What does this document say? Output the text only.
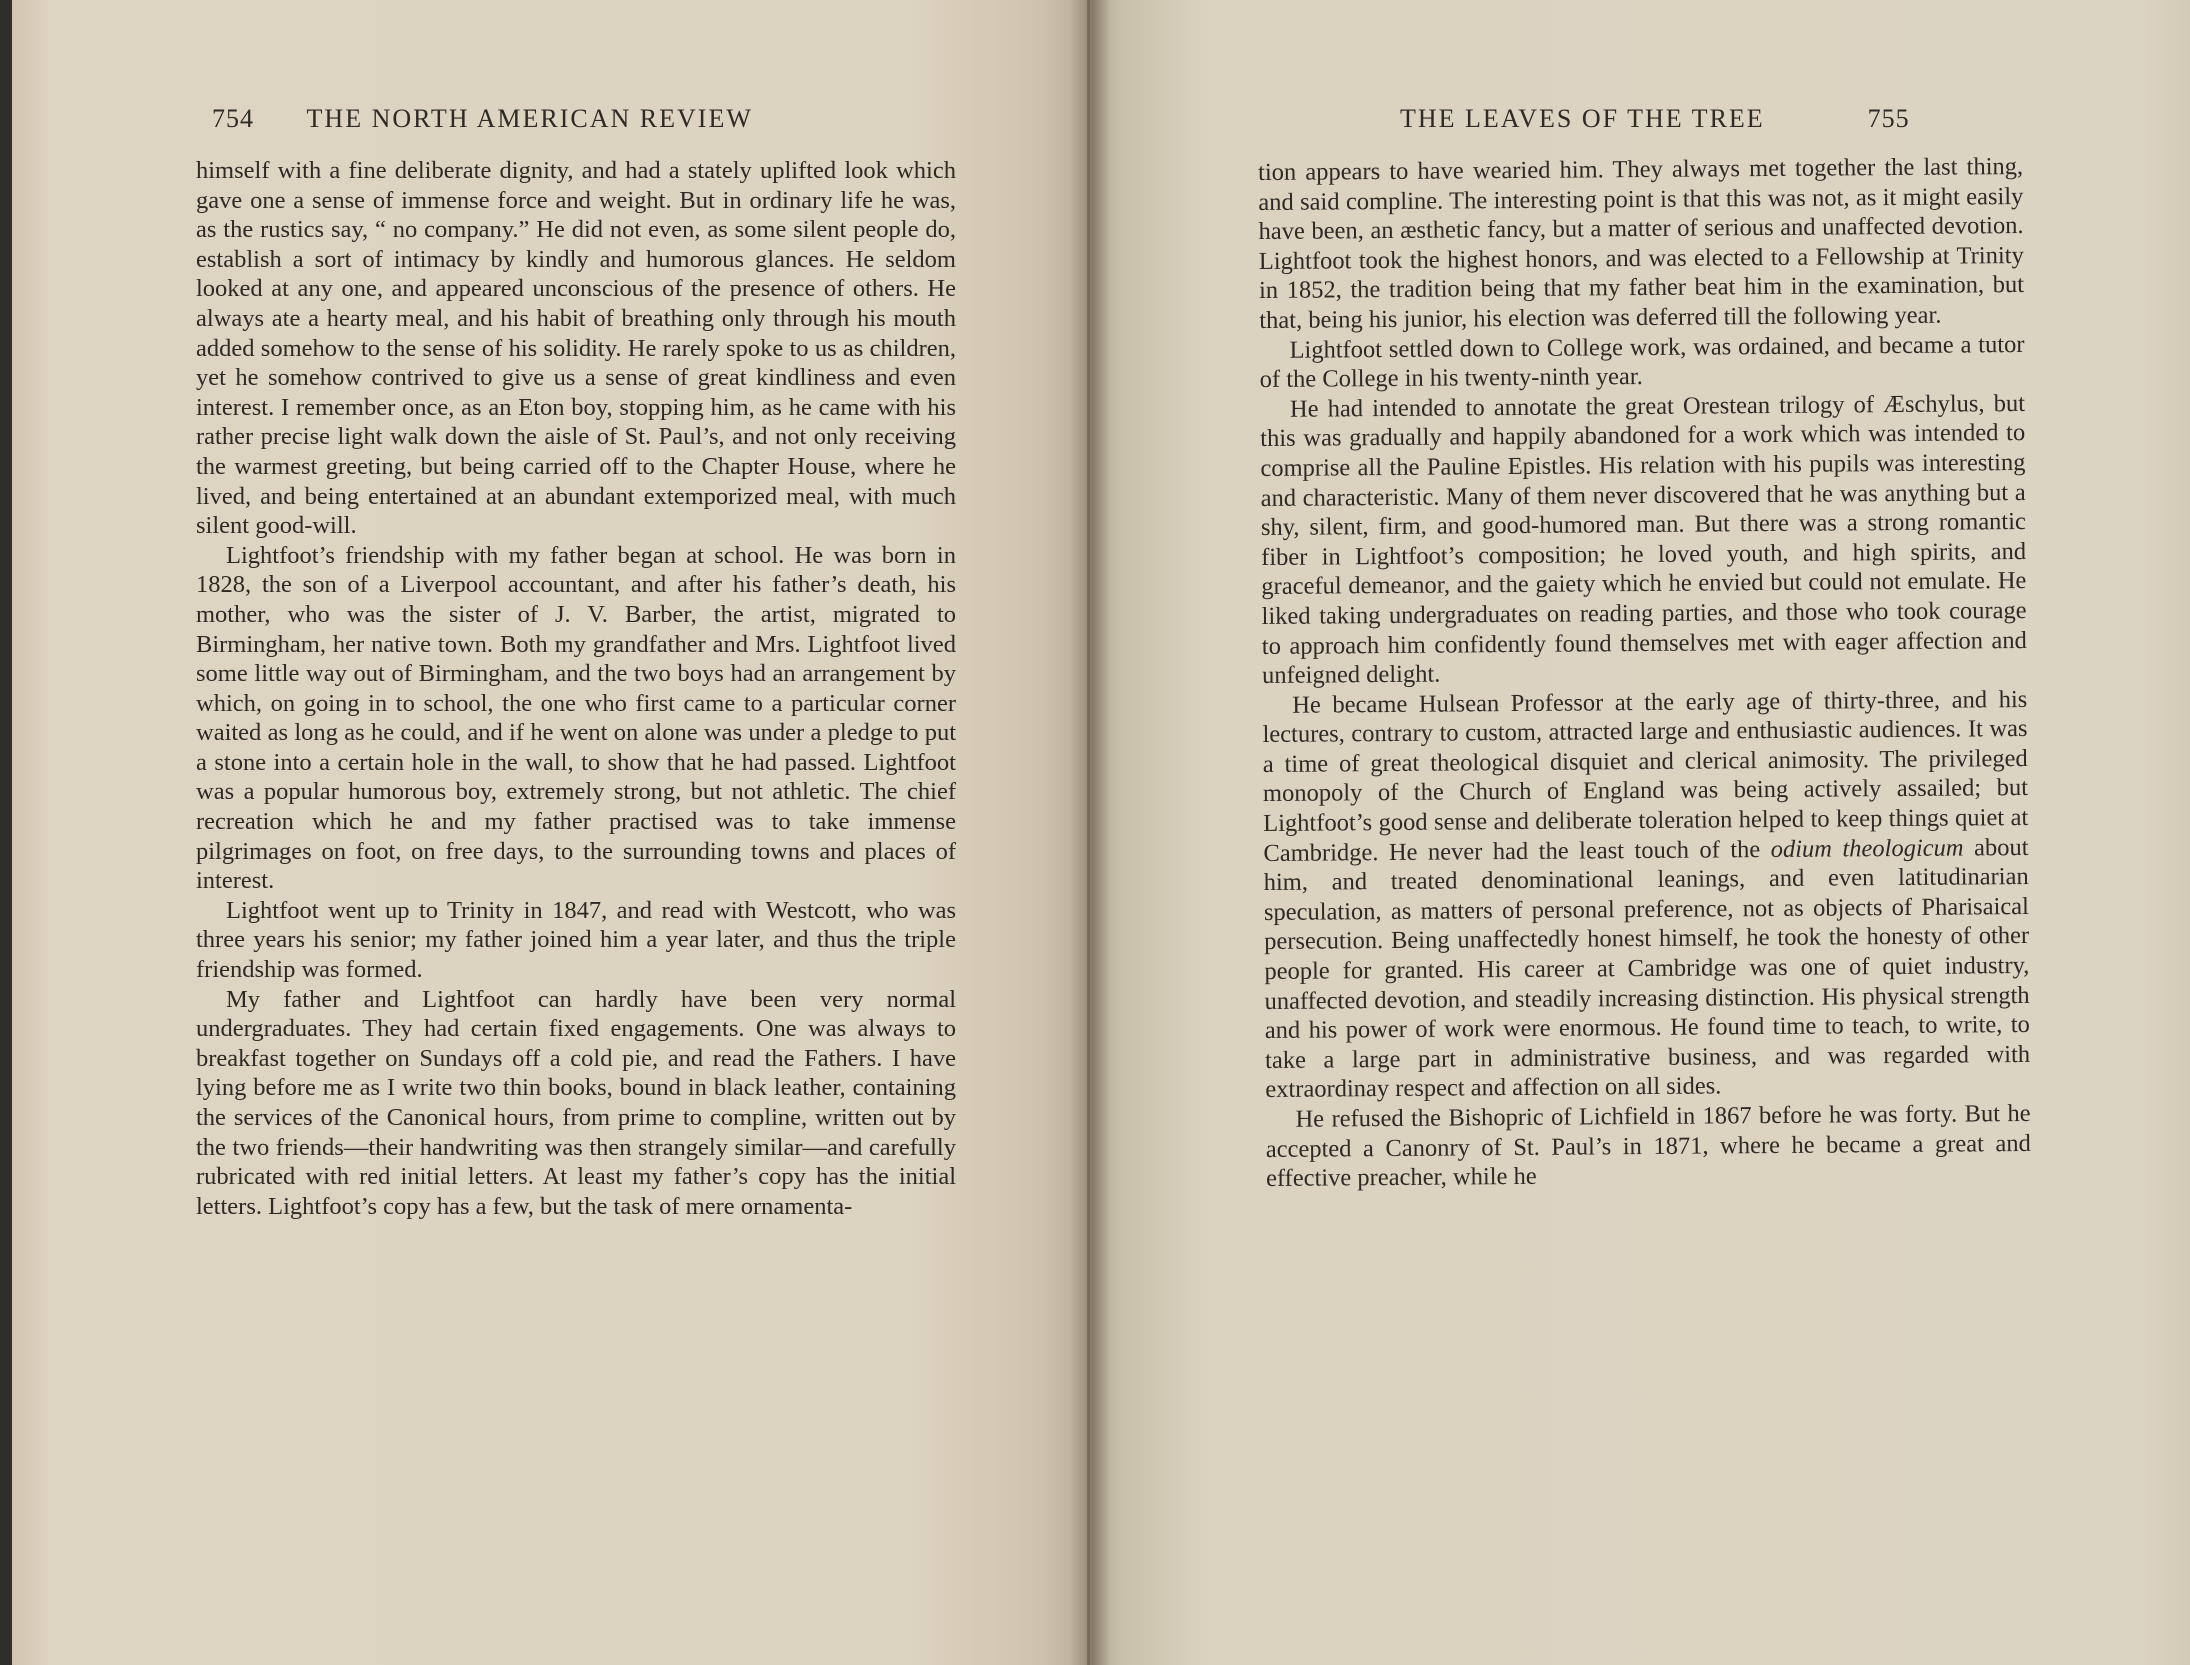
754 THE NORTH AMERICAN REVIEW

himself with a fine deliberate dignity, and had a stately uplifted look which gave one a sense of immense force and weight. But in ordinary life he was, as the rustics say, “ no company.” He did not even, as some silent people do, establish a sort of intimacy by kindly and humorous glances. He seldom looked at any one, and appeared unconscious of the presence of others. He always ate a hearty meal, and his habit of breathing only through his mouth added somehow to the sense of his solidity. He rarely spoke to us as children, yet he somehow contrived to give us a sense of great kindliness and even interest. I remember once, as an Eton boy, stopping him, as he came with his rather precise light walk down the aisle of St. Paul’s, and not only receiving the warmest greeting, but being carried off to the Chapter House, where he lived, and being entertained at an abundant extemporized meal, with much silent good-will.

Lightfoot’s friendship with my father began at school. He was born in 1828, the son of a Liverpool accountant, and after his father’s death, his mother, who was the sister of J. V. Barber, the artist, migrated to Birmingham, her native town. Both my grandfather and Mrs. Lightfoot lived some little way out of Birmingham, and the two boys had an arrangement by which, on going in to school, the one who first came to a particular corner waited as long as he could, and if he went on alone was under a pledge to put a stone into a certain hole in the wall, to show that he had passed. Lightfoot was a popular humorous boy, extremely strong, but not athletic. The chief recreation which he and my father practised was to take immense pilgrimages on foot, on free days, to the surrounding towns and places of interest.

Lightfoot went up to Trinity in 1847, and read with Westcott, who was three years his senior; my father joined him a year later, and thus the triple friendship was formed.

My father and Lightfoot can hardly have been very normal undergraduates. They had certain fixed engagements. One was always to breakfast together on Sundays off a cold pie, and read the Fathers. I have lying before me as I write two thin books, bound in black leather, containing the services of the Canonical hours, from prime to compline, written out by the two friends—their handwriting was then strangely similar—and carefully rubricated with red initial letters. At least my father’s copy has the initial letters. Lightfoot’s copy has a few, but the task of mere ornamenta-

THE LEAVES OF THE TREE	755

tion appears to have wearied him. They always met together the last thing, and said compline. The interesting point is that this was not, as it might easily have been, an æsthetic fancy, but a matter of serious and unaffected devotion. Lightfoot took the highest honors, and was elected to a Fellowship at Trinity in 1852, the tradition being that my father beat him in the examination, but that, being his junior, his election was deferred till the following year.

Lightfoot settled down to College work, was ordained, and became a tutor of the College in his twenty-ninth year.

He had intended to annotate the great Orestean trilogy of Æschylus, but this was gradually and happily abandoned for a work which was intended to comprise all the Pauline Epistles. His relation with his pupils was interesting and characteristic. Many of them never discovered that he was anything but a shy, silent, firm, and good-humored man. But there was a strong romantic fiber in Lightfoot’s composition; he loved youth, and high spirits, and graceful demeanor, and the gaiety which he envied but could not emulate. He liked taking undergraduates on reading parties, and those who took courage to approach him confidently found themselves met with eager affection and unfeigned delight.

He became Hulsean Professor at the early age of thirty-three, and his lectures, contrary to custom, attracted large and enthusiastic audiences. It was a time of great theological disquiet and clerical animosity. The privileged monopoly of the Church of England was being actively assailed; but Lightfoot’s good sense and deliberate toleration helped to keep things quiet at Cambridge. He never had the least touch of the odium theologicum about him, and treated denominational leanings, and even latitudinarian speculation, as matters of personal preference, not as objects of Pharisaical persecution. Being unaffectedly honest himself, he took the honesty of other people for granted. His career at Cambridge was one of quiet industry, unaffected devotion, and steadily increasing distinction. His physical strength and his power of work were enormous. He found time to teach, to write, to take a large part in administrative business, and was regarded with extraordinay respect and affection on all sides.

He refused the Bishopric of Lichfield in 1867 before he was forty. But he accepted a Canonry of St. Paul’s in 1871, where he became a great and effective preacher, while he
